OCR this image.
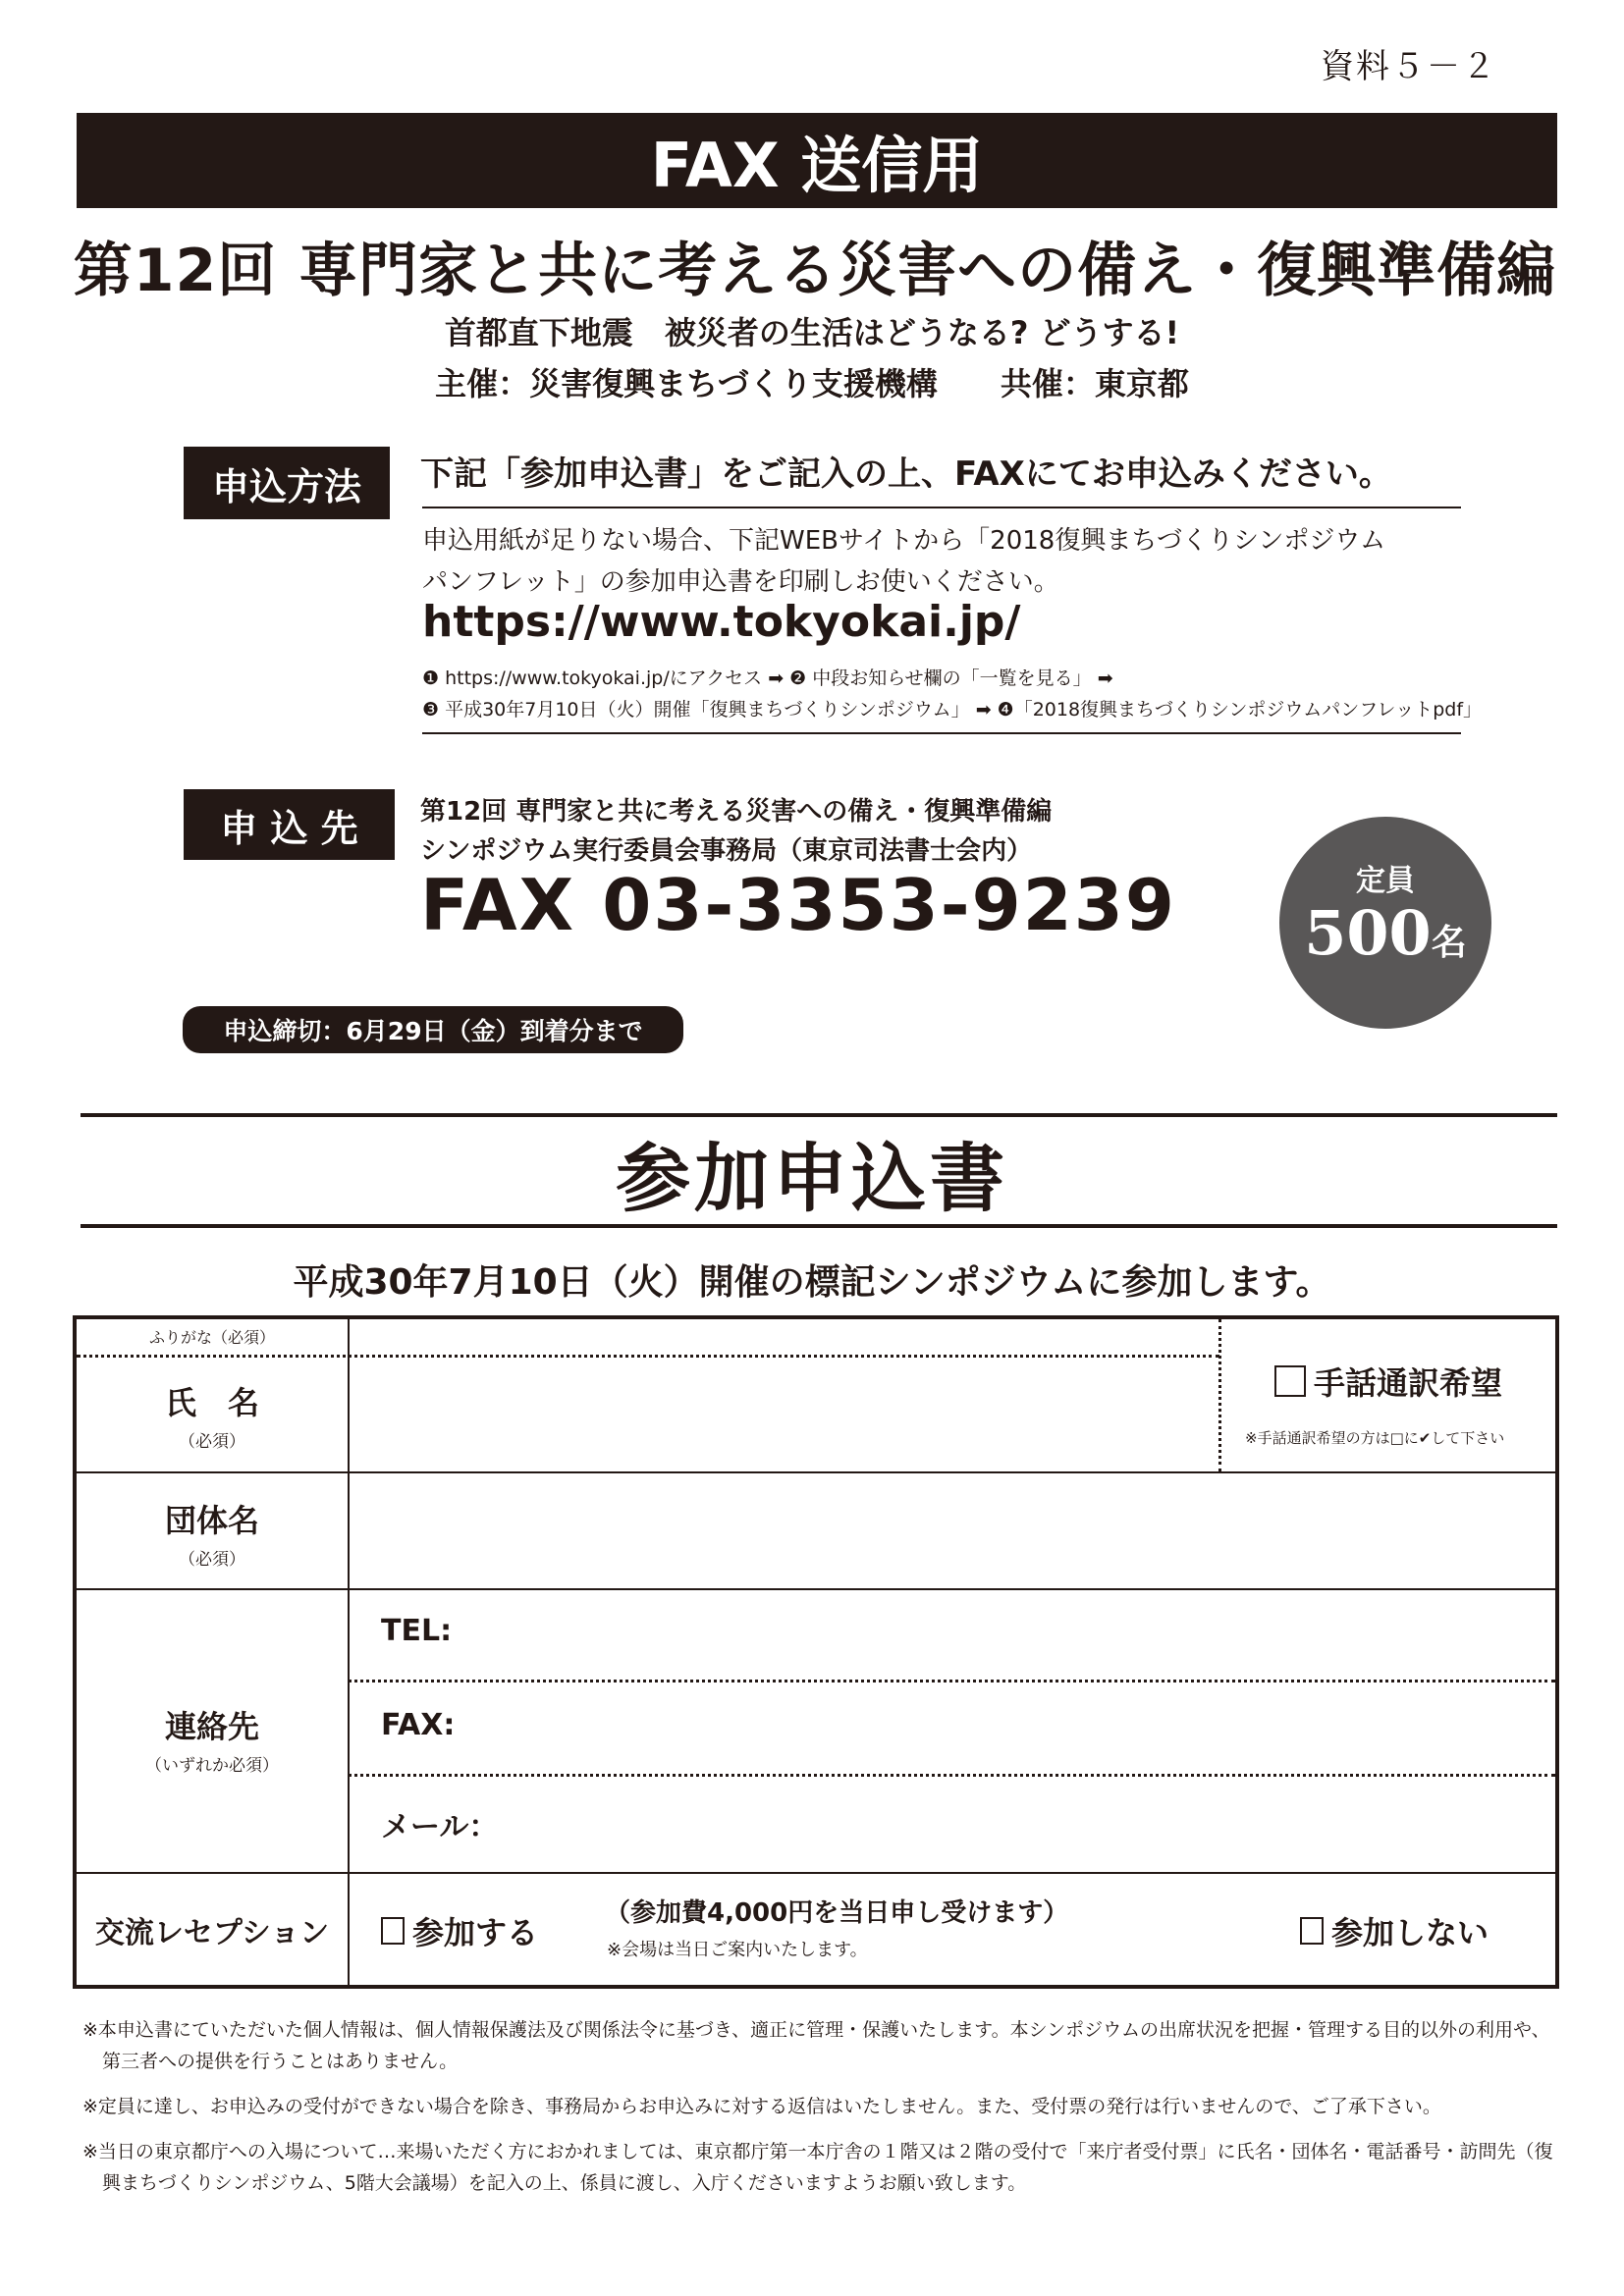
資料５－２
FAX 送信用
第12回 専門家と共に考える災害への備え・復興準備編
首都直下地震　被災者の生活はどうなる? どうする!
主催：災害復興まちづくり支援機構　　共催：東京都
申込方法 下記「参加申込書」をご記入の上、FAXにてお申込みください。
申込用紙が足りない場合、下記WEBサイトから「2018復興まちづくりシンポジウム
パンフレット」の参加申込書を印刷しお使いください。
https://www.tokyokai.jp/
❶ https://www.tokyokai.jp/にアクセス ➡ ❷ 中段お知らせ欄の「一覧を見る」 ➡
❸ 平成30年7月10日（火）開催「復興まちづくりシンポジウム」 ➡ ❹「2018復興まちづくりシンポジウムパンフレットpdf」
申 込 先 第12回 専門家と共に考える災害への備え・復興準備編
シンポジウム実行委員会事務局（東京司法書士会内）
FAX 03-3353-9239	定員
500名
申込締切：6月29日（金）到着分まで
参加申込書
平成30年7月10日（火）開催の標記シンポジウムに参加します。
ふりがな（必須）
氏　名
（必須）
手話通訳希望
※手話通訳希望の方は□に✔して下さい
団体名
（必須）
連絡先
（いずれか必須）
TEL:
FAX:
メール：
交流レセプション	参加する
（参加費4,000円を当日申し受けます）
※会場は当日ご案内いたします。	参加しない
※本申込書にていただいた個人情報は、個人情報保護法及び関係法令に基づき、適正に管理・保護いたします。本シンポジウムの出席状況を把握・管理する目的以外の利用や、
第三者への提供を行うことはありません。
※定員に達し、お申込みの受付ができない場合を除き、事務局からお申込みに対する返信はいたしません。また、受付票の発行は行いませんので、ご了承下さい。
※当日の東京都庁への入場について…来場いただく方におかれましては、東京都庁第一本庁舎の１階又は２階の受付で「来庁者受付票」に氏名・団体名・電話番号・訪問先（復
興まちづくりシンポジウム、5階大会議場）を記入の上、係員に渡し、入庁くださいますようお願い致します。
